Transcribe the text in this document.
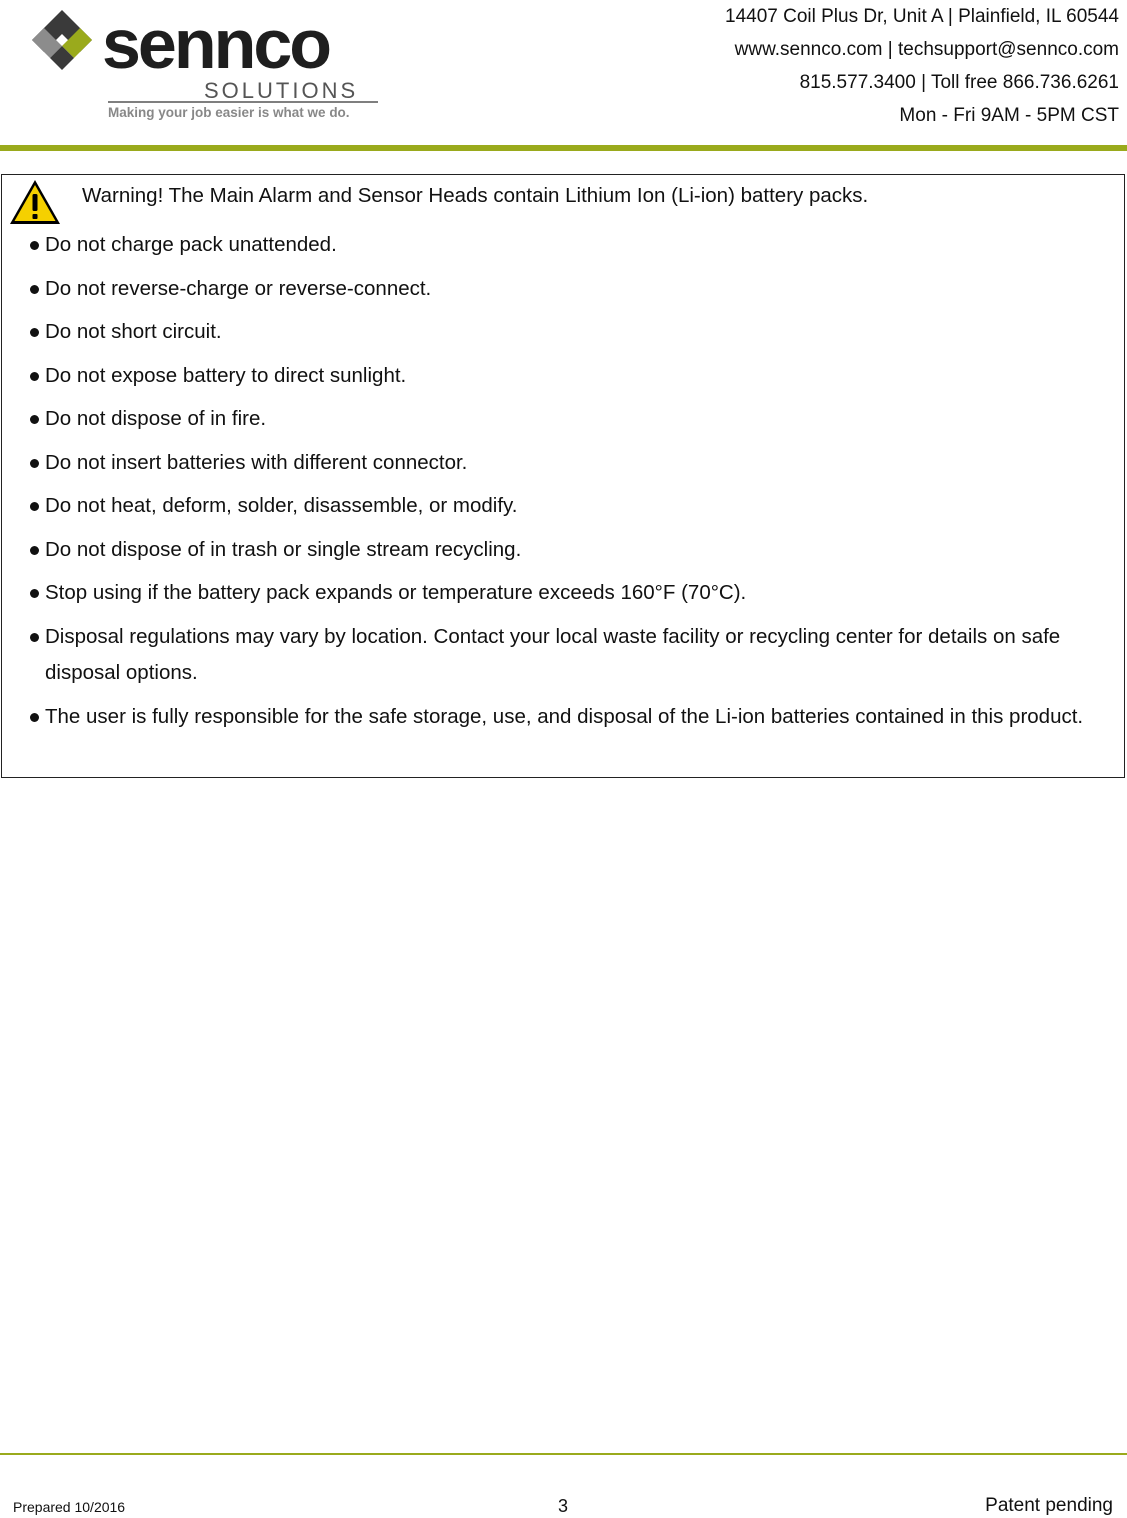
sennco
SOLUTIONS
Making your job easier is what we do.
14407 Coil Plus Dr, Unit A | Plainfield, IL 60544
www.sennco.com | techsupport@sennco.com
815.577.3400 | Toll free 866.736.6261
Mon - Fri 9AM - 5PM CST
Warning! The Main Alarm and Sensor Heads contain Lithium Ion (Li-ion) battery packs.
Do not charge pack unattended.
Do not reverse-charge or reverse-connect.
Do not short circuit.
Do not expose battery to direct sunlight.
Do not dispose of in fire.
Do not insert batteries with different connector.
Do not heat, deform, solder, disassemble, or modify.
Do not dispose of in trash or single stream recycling.
Stop using if the battery pack expands or temperature exceeds 160°F (70°C).
Disposal regulations may vary by location. Contact your local waste facility or recycling center for details on safe disposal options.
The user is fully responsible for the safe storage, use, and disposal of the Li-ion batteries contained in this product.
Prepared 10/2016	3	Patent pending
